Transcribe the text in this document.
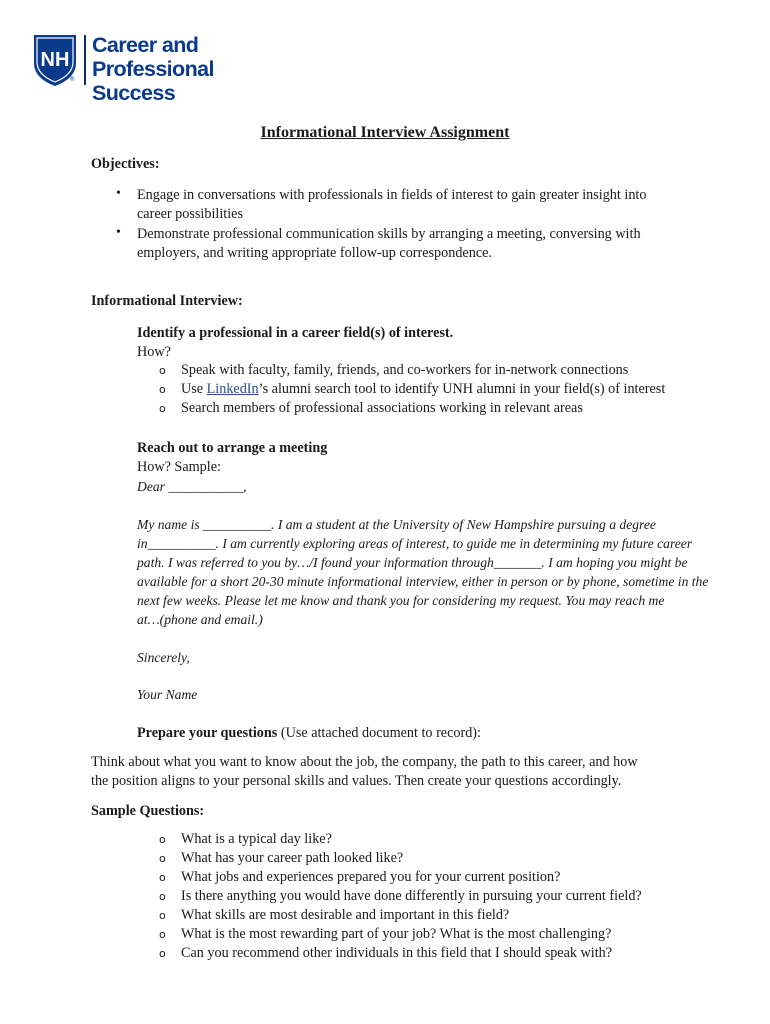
NH
®
Career and
Professional Success
Informational Interview Assignment
Objectives:
• Engage in conversations with professionals in fields of interest to gain greater insight into
career possibilities
• Demonstrate professional communication skills by arranging a meeting, conversing with
employers, and writing appropriate follow-up correspondence.
Informational Interview:
Identify a professional in a career field(s) of interest.
How?
o Speak with faculty, family, friends, and co-workers for in-network connections
o Use LinkedIn’s alumni search tool to identify UNH alumni in your field(s) of interest
o Search members of professional associations working in relevant areas
Reach out to arrange a meeting
How? Sample:
Dear ___________,
My name is __________. I am a student at the University of New Hampshire pursuing a degree
in__________. I am currently exploring areas of interest, to guide me in determining my future career
path. I was referred to you by…/I found your information through_______. I am hoping you might be
available for a short 20-30 minute informational interview, either in person or by phone, sometime in the
next few weeks. Please let me know and thank you for considering my request. You may reach me
at…(phone and email.)
Sincerely,
Your Name
Prepare your questions (Use attached document to record):
Think about what you want to know about the job, the company, the path to this career, and how
the position aligns to your personal skills and values. Then create your questions accordingly.
Sample Questions:
o What is a typical day like?
o What has your career path looked like?
o What jobs and experiences prepared you for your current position?
o Is there anything you would have done differently in pursuing your current field?
o What skills are most desirable and important in this field?
o What is the most rewarding part of your job? What is the most challenging?
o Can you recommend other individuals in this field that I should speak with?
